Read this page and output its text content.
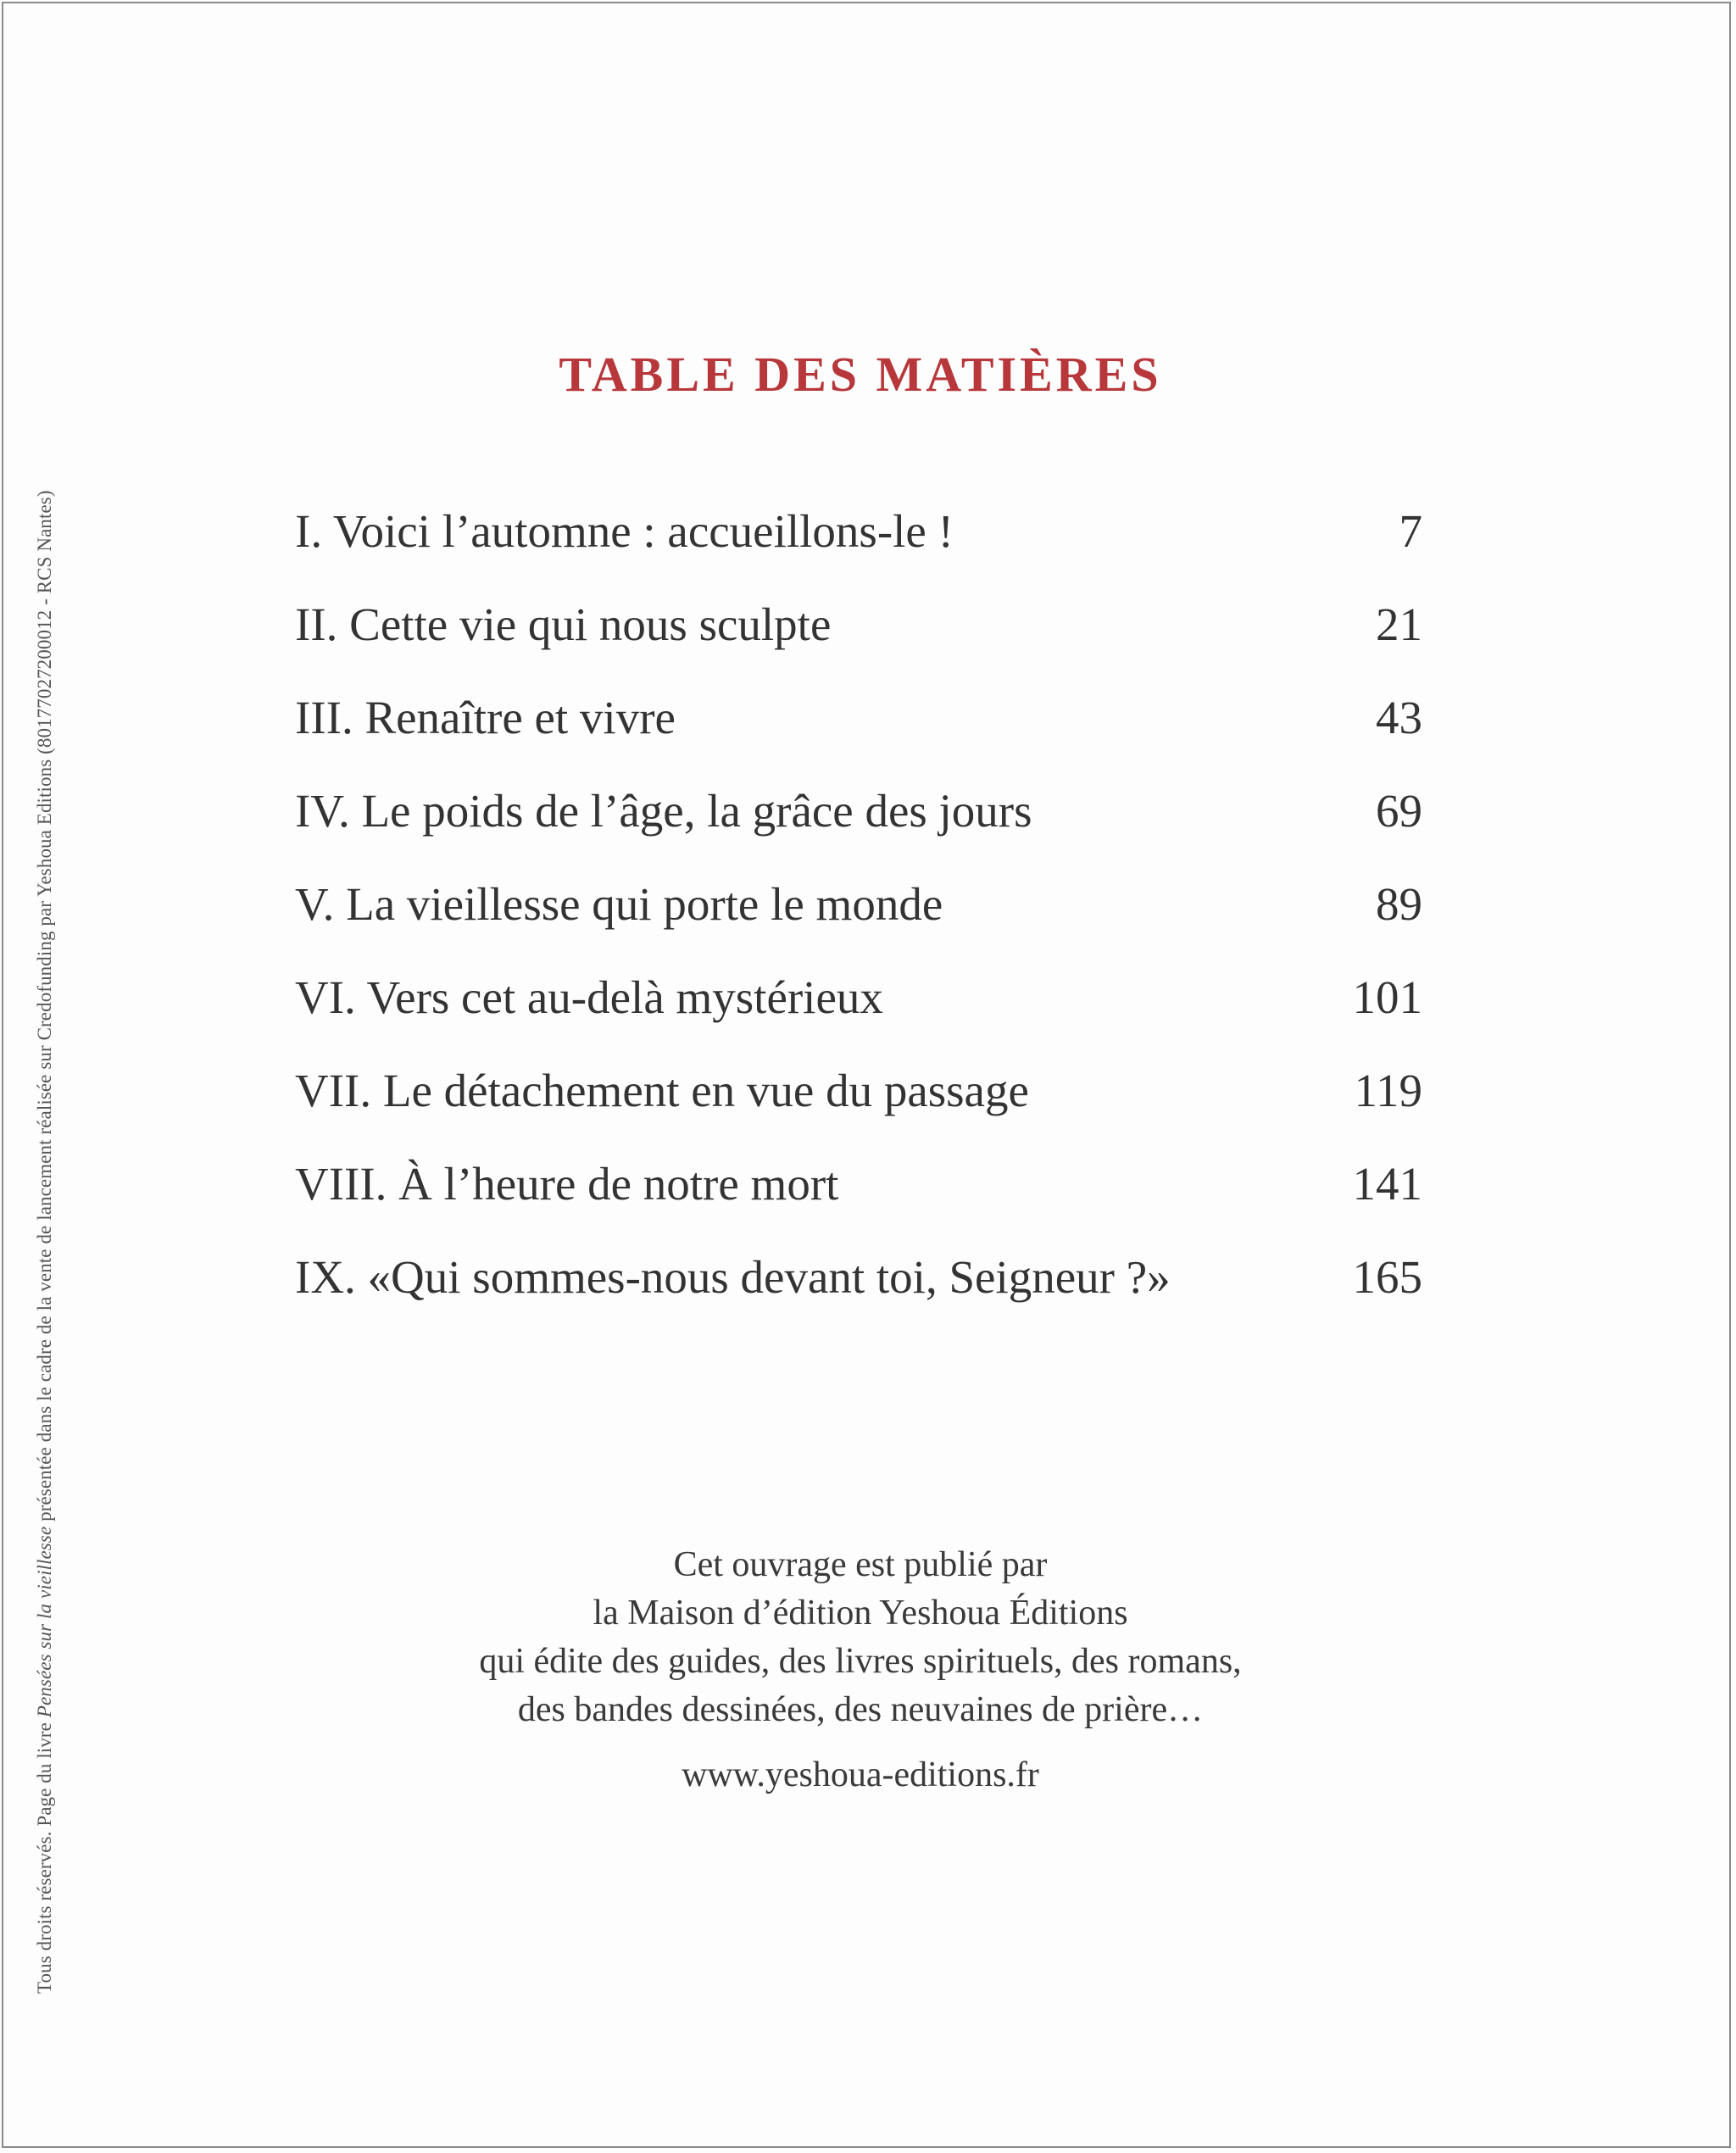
Tous droits réservés. Page du livre Pensées sur la vieillesse présentée dans le cadre de la vente de lancement réalisée sur Credofunding par Yeshoua Editions (80177027200012 - RCS Nantes)
TABLE DES MATIÈRES
I. Voici l’automne : accueillons-le !	7
II. Cette vie qui nous sculpte	21
III. Renaître et vivre	43
IV. Le poids de l’âge, la grâce des jours	69
V. La vieillesse qui porte le monde	89
VI. Vers cet au-delà mystérieux	101
VII. Le détachement en vue du passage	119
VIII. À l’heure de notre mort	141
IX. «Qui sommes-nous devant toi, Seigneur ?»	165
Cet ouvrage est publié par
la Maison d’édition Yeshoua Éditions
qui édite des guides, des livres spirituels, des romans,
des bandes dessinées, des neuvaines de prière…
www.yeshoua-editions.fr
